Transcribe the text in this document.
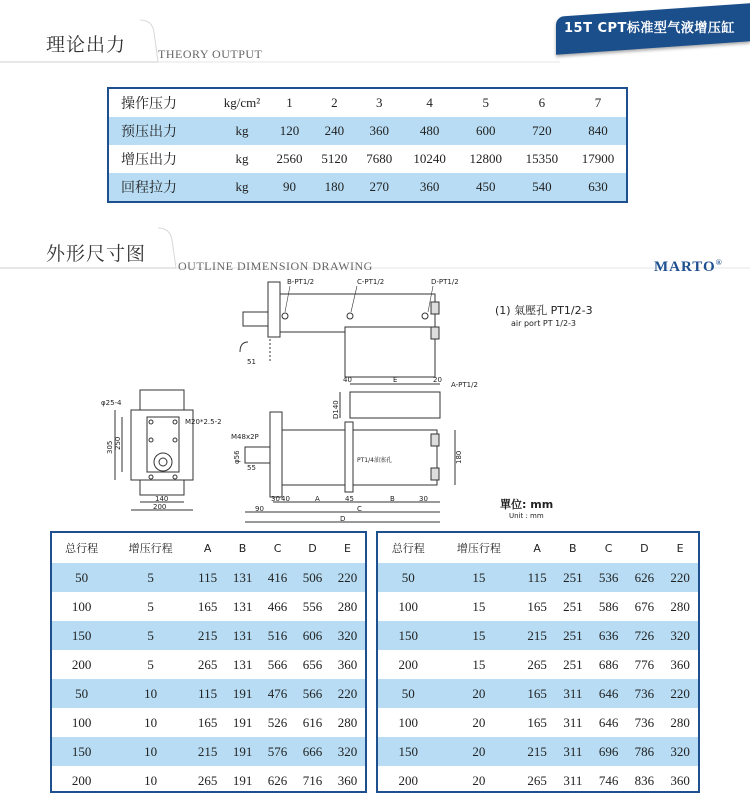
理论出力	THEORY OUTPUT
15T CPT标准型气液增压缸
操作压力	kg/cm²	1	2	3	4	5	6	7
预压出力	kg	120	240	360	480	600	720	840
增压出力	kg	2560	5120	7680	10240	12800	15350	17900
回程拉力	kg	90	180	270	360	450	540	630
外形尺寸图
OUTLINE DIMENSION DRAWING	MARTO®
B-PT1/2	C-PT1/2	D-PT1/2
51
(1) 氣壓孔 PT1/2-3
air port PT 1/2-3
φ25-4
M20*2.5-2
305 250
140
200
40	E	20
A-PT1/2
D140
M48x2P
φ56
55
180
PT1/4油塞孔
30 40	A	45	B	30
90	C
D
單位: mm
Unit : mm
总行程	增压行程	A	B	C	D	E
50	5	115	131	416	506	220
100	5	165	131	466	556	280
150	5	215	131	516	606	320
200	5	265	131	566	656	360
50	10	115	191	476	566	220
100	10	165	191	526	616	280
150	10	215	191	576	666	320
200	10	265	191	626	716	360
总行程	增压行程	A	B	C	D	E
50	15	115	251	536	626	220
100	15	165	251	586	676	280
150	15	215	251	636	726	320
200	15	265	251	686	776	360
50	20	165	311	646	736	220
100	20	165	311	646	736	280
150	20	215	311	696	786	320
200	20	265	311	746	836	360
